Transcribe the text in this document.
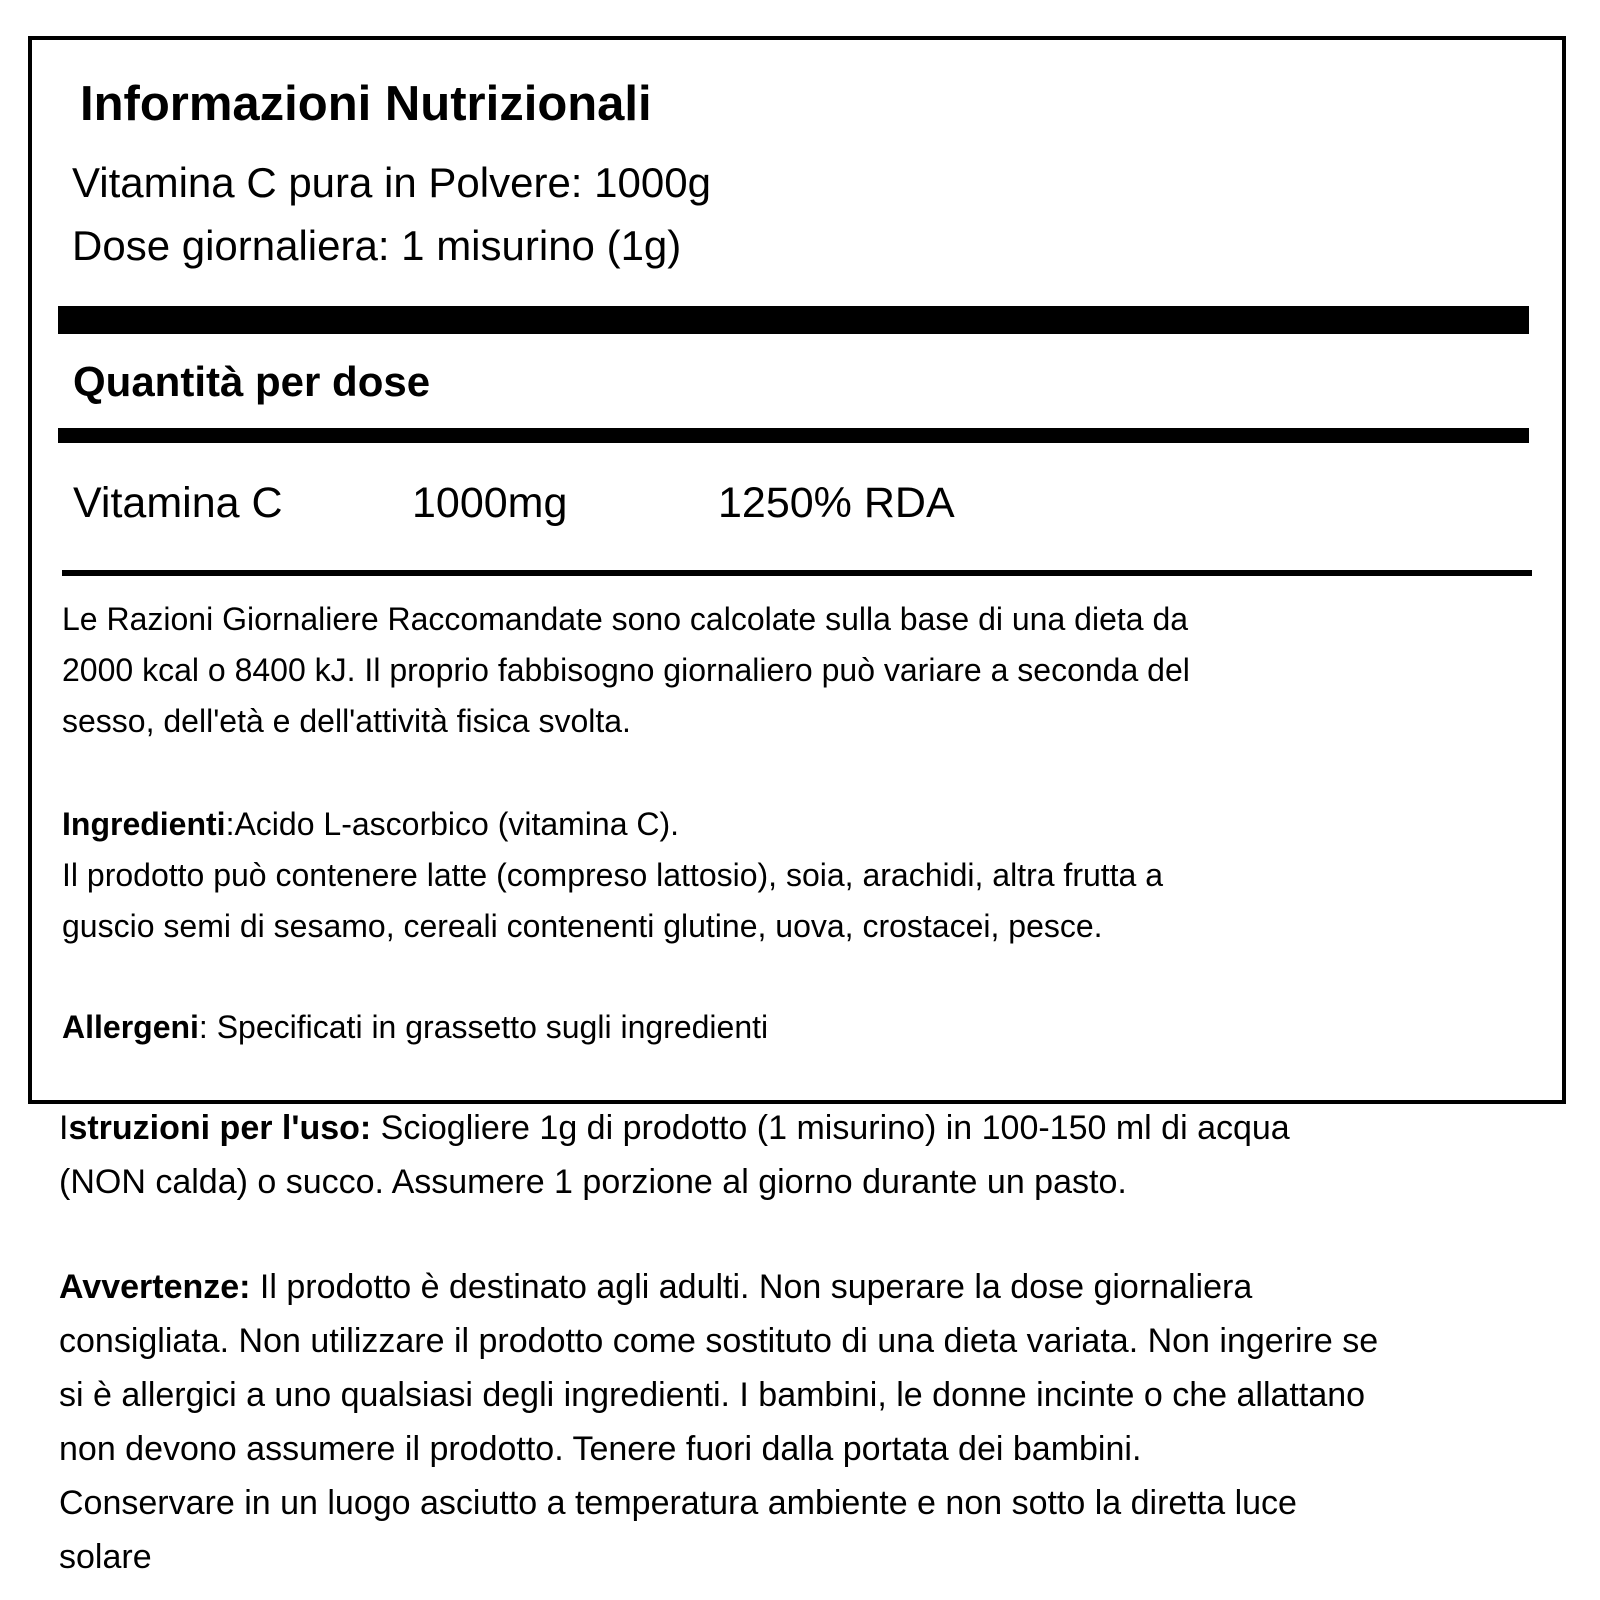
Informazioni Nutrizionali
Vitamina C pura in Polvere: 1000g
Dose giornaliera: 1 misurino (1g)
Quantità per dose
Vitamina C	1000mg	1250% RDA
Le Razioni Giornaliere Raccomandate sono calcolate sulla base di una dieta da
2000 kcal o 8400 kJ. Il proprio fabbisogno giornaliero può variare a seconda del
sesso, dell'età e dell'attività fisica svolta.
Ingredienti:Acido L-ascorbico (vitamina C).
Il prodotto può contenere latte (compreso lattosio), soia, arachidi, altra frutta a
guscio semi di sesamo, cereali contenenti glutine, uova, crostacei, pesce.
Allergeni: Specificati in grassetto sugli ingredienti
Istruzioni per l'uso: Sciogliere 1g di prodotto (1 misurino) in 100-150 ml di acqua
(NON calda) o succo. Assumere 1 porzione al giorno durante un pasto.
Avvertenze: Il prodotto è destinato agli adulti. Non superare la dose giornaliera
consigliata. Non utilizzare il prodotto come sostituto di una dieta variata. Non ingerire se
si è allergici a uno qualsiasi degli ingredienti. I bambini, le donne incinte o che allattano
non devono assumere il prodotto. Tenere fuori dalla portata dei bambini.
Conservare in un luogo asciutto a temperatura ambiente e non sotto la diretta luce
solare
